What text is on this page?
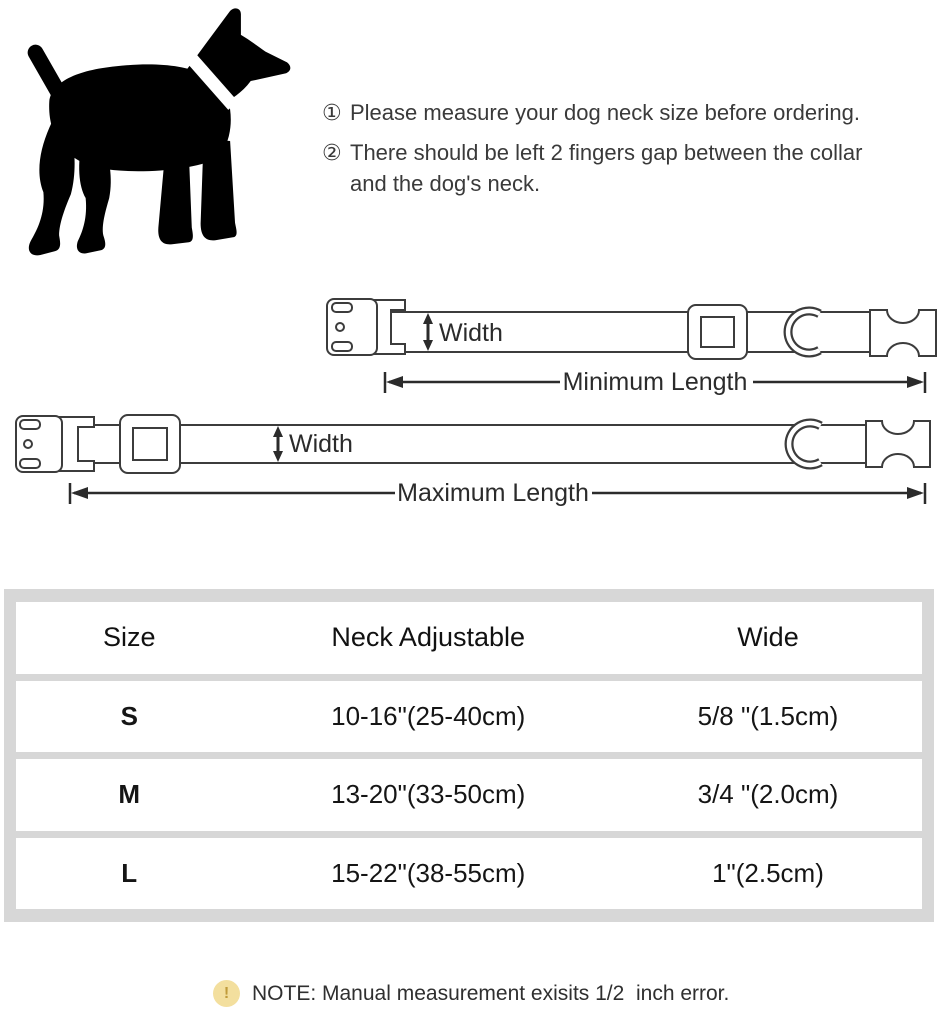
① Please measure your dog neck size before ordering.
② There should be left 2 fingers gap between the collar and the dog's neck.
Width
Minimum Length
Width
Maximum Length
Size	Neck Adjustable	Wide
S	10-16"(25-40cm)	5/8 "(1.5cm)
M	13-20"(33-50cm)	3/4 "(2.0cm)
L	15-22"(38-55cm)	1"(2.5cm)
!	NOTE: Manual measurement exisits 1/2  inch error.
